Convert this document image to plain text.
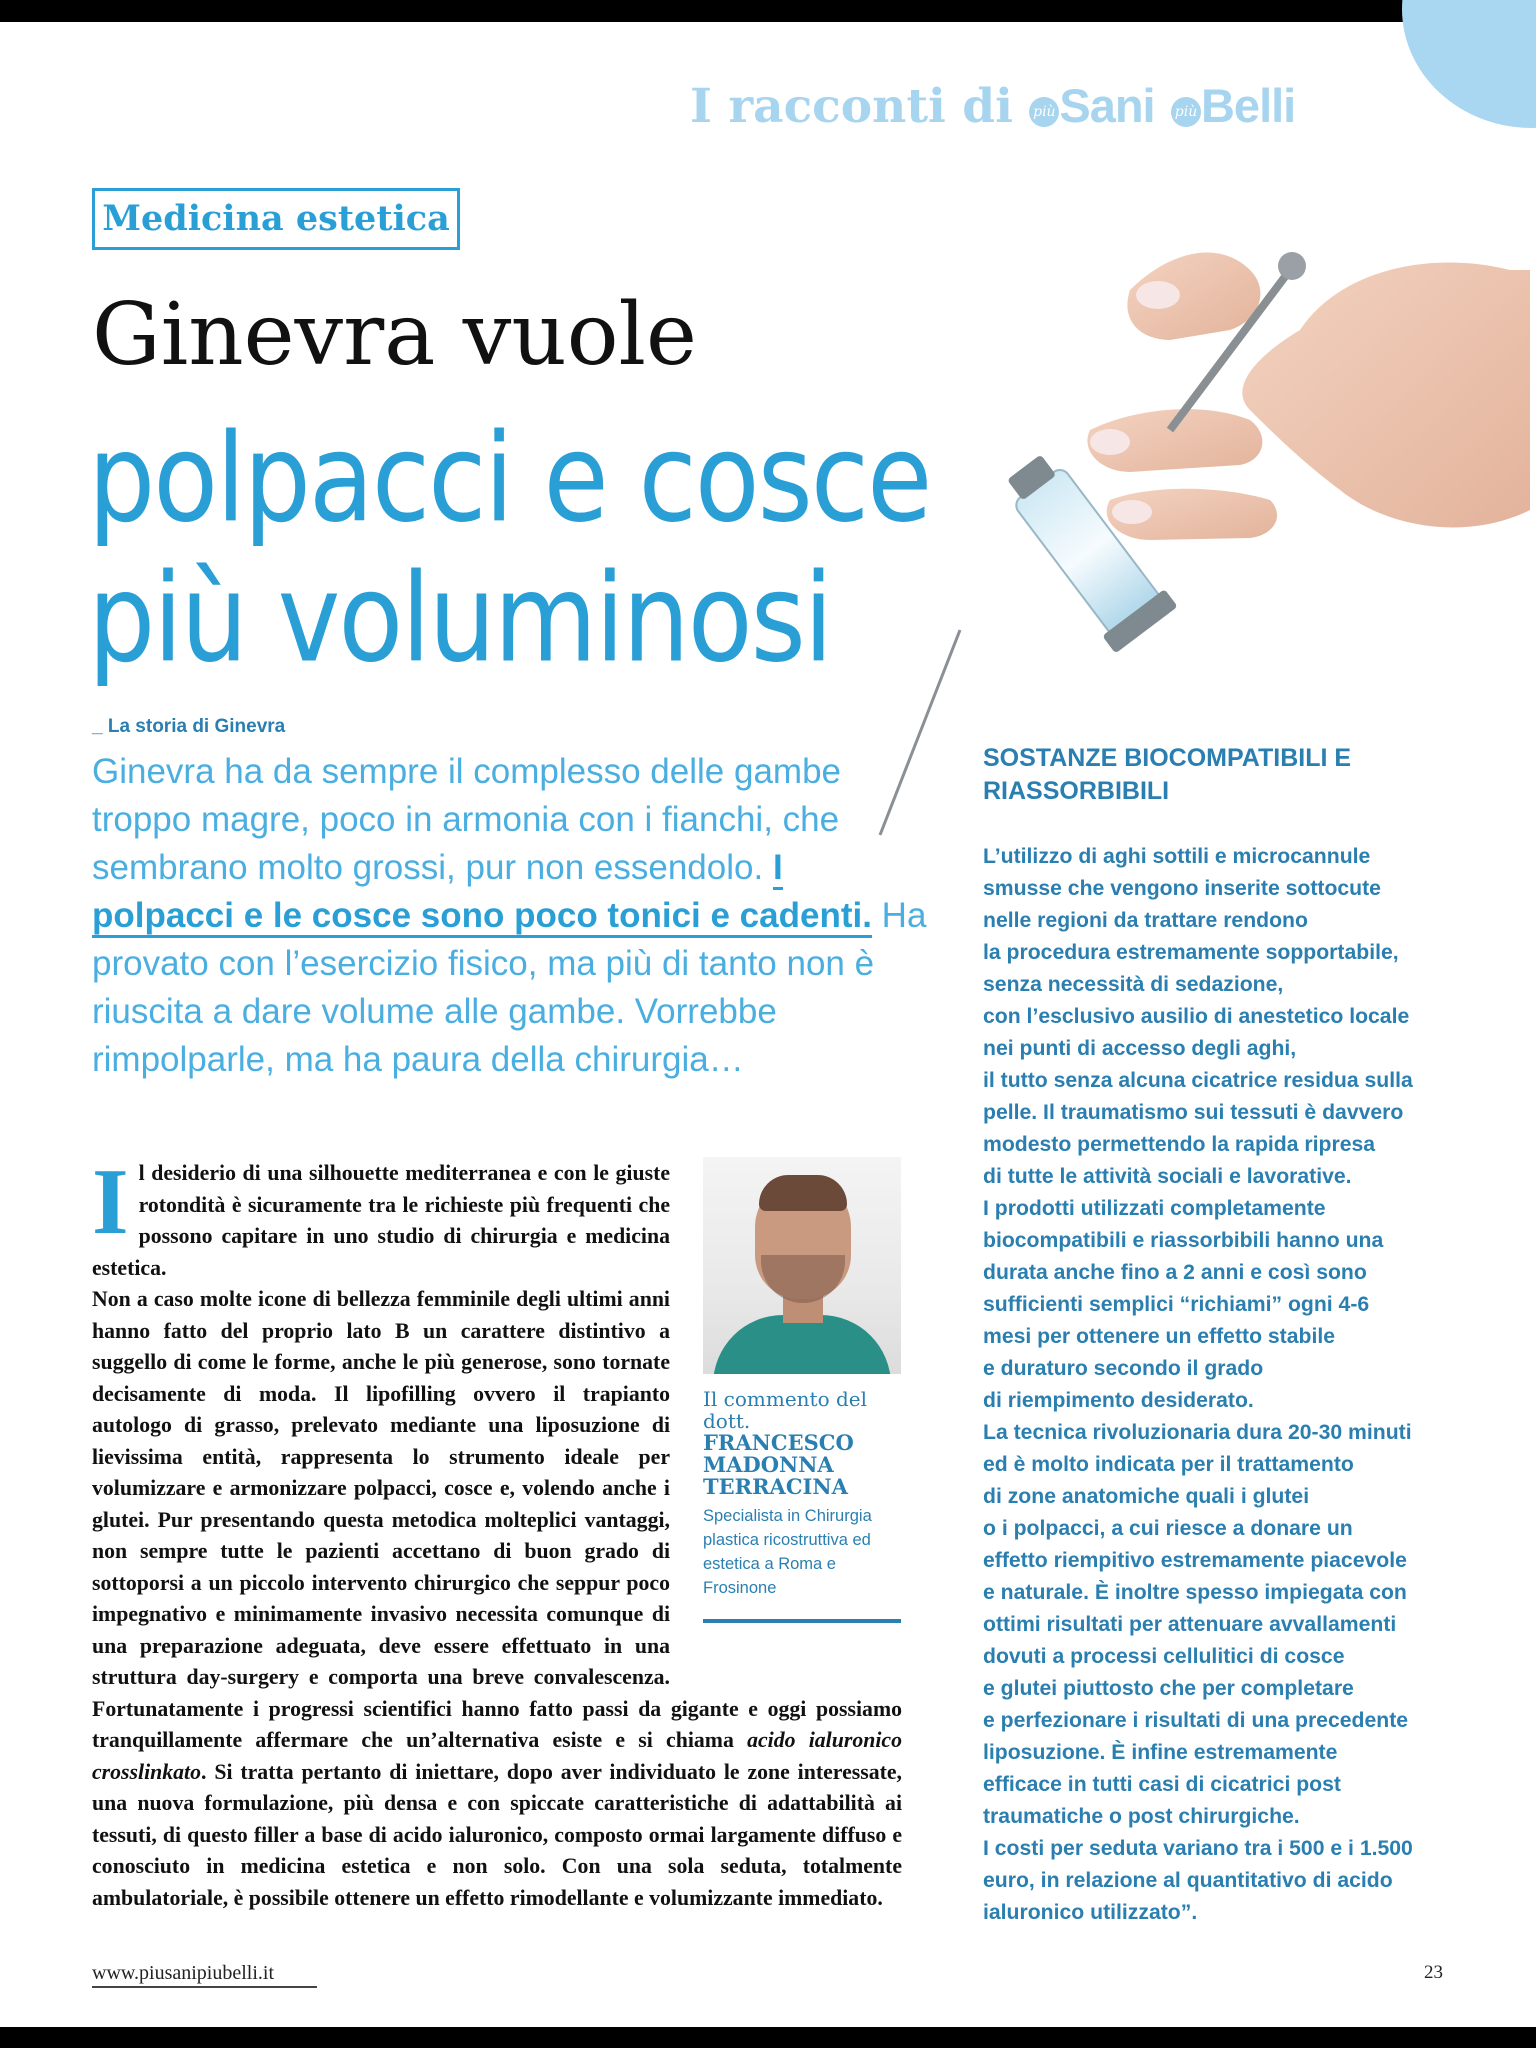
I racconti di piùSani piùBelli
Medicina estetica
Ginevra vuole
polpacci e cosce
più voluminosi
_ La storia di Ginevra
Ginevra ha da sempre il complesso delle gambe troppo magre, poco in armonia con i fianchi, che sembrano molto grossi, pur non essendolo. I polpacci e le cosce sono poco tonici e cadenti. Ha provato con l’esercizio fisico, ma più di tanto non è riuscita a dare volume alle gambe. Vorrebbe rimpolparle, ma ha paura della chirurgia…
Il desiderio di una silhouette mediterranea e con le giuste rotondità è sicuramente tra le richieste più frequenti che possono capitare in uno studio di chirurgia e medicina estetica.
Non a caso molte icone di bellezza femminile degli ultimi anni hanno fatto del proprio lato B un carattere distintivo a suggello di come le forme, anche le più generose, sono tornate decisamente di moda. Il lipofilling ovvero il trapianto autologo di grasso, prelevato mediante una liposuzione di lievissima entità, rappresenta lo strumento ideale per volumizzare e armonizzare polpacci, cosce e, volendo anche i glutei. Pur presentando questa metodica molteplici vantaggi, non sempre tutte le pazienti accettano di buon grado di sottoporsi a un piccolo intervento chirurgico che seppur poco impegnativo e minimamente invasivo necessita comunque di una preparazione adeguata, deve essere effettuato in una struttura day-surgery e comporta una breve convalescenza. Fortunatamente i progressi scientifici hanno fatto passi da gigante e oggi possiamo tranquillamente affermare che un’alternativa esiste e si chiama acido ialuronico crosslinkato. Si tratta pertanto di iniettare, dopo aver individuato le zone interessate, una nuova formulazione, più densa e con spiccate caratteristiche di adattabilità ai tessuti, di questo filler a base di acido ialuronico, composto ormai largamente diffuso e conosciuto in medicina estetica e non solo. Con una sola seduta, totalmente ambulatoriale, è possibile ottenere un effetto rimodellante e volumizzante immediato.
Il commento del dott.
FRANCESCO MADONNA TERRACINA
Specialista in Chirurgia plastica ricostruttiva ed estetica a Roma e Frosinone
SOSTANZE BIOCOMPATIBILI E RIASSORBIBILI
L’utilizzo di aghi sottili e microcannule
smusse che vengono inserite sottocute
nelle regioni da trattare rendono
la procedura estremamente sopportabile,
senza necessità di sedazione,
con l’esclusivo ausilio di anestetico locale
nei punti di accesso degli aghi,
il tutto senza alcuna cicatrice residua sulla
pelle. Il traumatismo sui tessuti è davvero
modesto permettendo la rapida ripresa
di tutte le attività sociali e lavorative.
I prodotti utilizzati completamente
biocompatibili e riassorbibili hanno una
durata anche fino a 2 anni e così sono
sufficienti semplici “richiami” ogni 4-6
mesi per ottenere un effetto stabile
e duraturo secondo il grado
di riempimento desiderato.
La tecnica rivoluzionaria dura 20-30 minuti
ed è molto indicata per il trattamento
di zone anatomiche quali i glutei
o i polpacci, a cui riesce a donare un
effetto riempitivo estremamente piacevole
e naturale. È inoltre spesso impiegata con
ottimi risultati per attenuare avvallamenti
dovuti a processi cellulitici di cosce
e glutei piuttosto che per completare
e perfezionare i risultati di una precedente
liposuzione. È infine estremamente
efficace in tutti casi di cicatrici post
traumatiche o post chirurgiche.
I costi per seduta variano tra i 500 e i 1.500
euro, in relazione al quantitativo di acido
ialuronico utilizzato”.
www.piusanipiubelli.it	23
